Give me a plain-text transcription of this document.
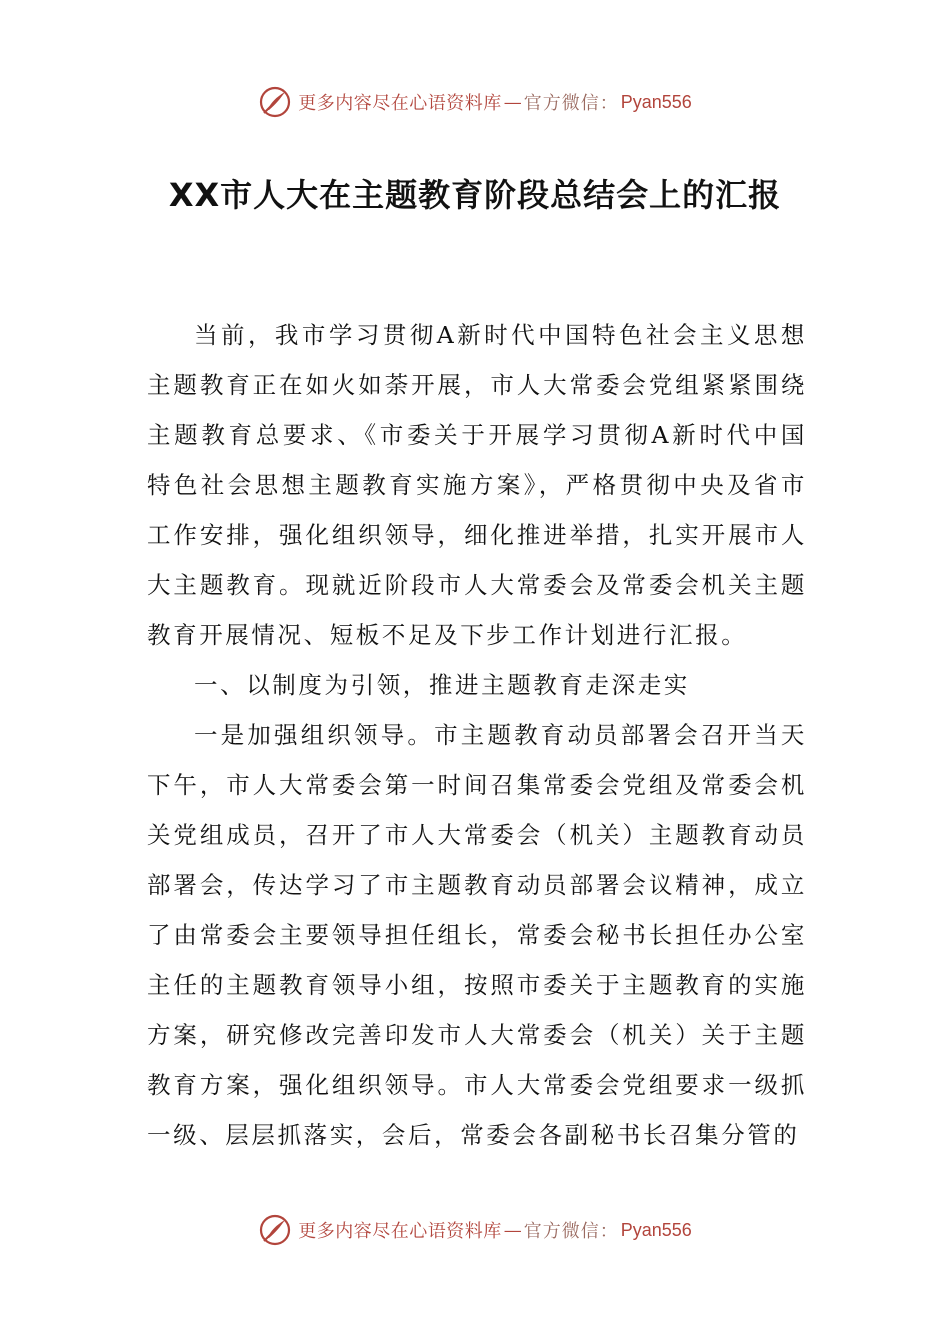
更多内容尽在心语资料库 — 官方微信： Pyan556
XX市人大在主题教育阶段总结会上的汇报

当前，我市学习贯彻A新时代中国特色社会主义思想主题教育正在如火如荼开展，市人大常委会党组紧紧围绕主题教育总要求、《市委关于开展学习贯彻A新时代中国特色社会思想主题教育实施方案》，严格贯彻中央及省市工作安排，强化组织领导，细化推进举措，扎实开展市人大主题教育。现就近阶段市人大常委会及常委会机关主题教育开展情况、短板不足及下步工作计划进行汇报。

一、以制度为引领，推进主题教育走深走实

一是加强组织领导。市主题教育动员部署会召开当天下午，市人大常委会第一时间召集常委会党组及常委会机关党组成员，召开了市人大常委会（机关）主题教育动员部署会，传达学习了市主题教育动员部署会议精神，成立了由常委会主要领导担任组长，常委会秘书长担任办公室主任的主题教育领导小组，按照市委关于主题教育的实施方案，研究修改完善印发市人大常委会（机关）关于主题教育方案，强化组织领导。市人大常委会党组要求一级抓一级、层层抓落实，会后，常委会各副秘书长召集分管的

更多内容尽在心语资料库 — 官方微信： Pyan556
